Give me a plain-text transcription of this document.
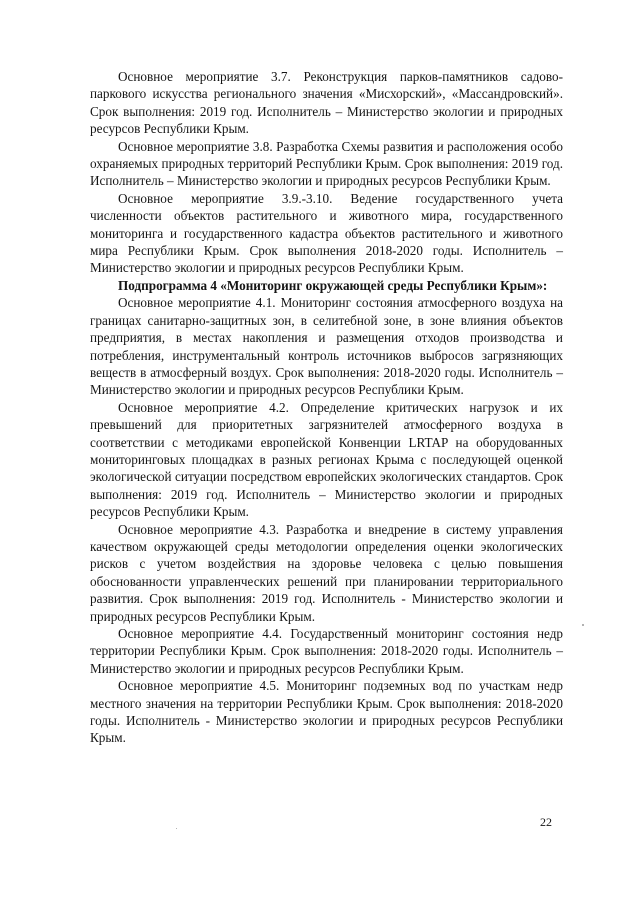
Основное мероприятие 3.7. Реконструкция парков-памятников садово-паркового искусства регионального значения «Мисхорский», «Массандровский». Срок выполнения: 2019 год. Исполнитель – Министерство экологии и природных ресурсов Республики Крым.

Основное мероприятие 3.8. Разработка Схемы развития и расположения особо охраняемых природных территорий Республики Крым. Срок выполнения: 2019 год. Исполнитель – Министерство экологии и природных ресурсов Республики Крым.

Основное мероприятие 3.9.-3.10. Ведение государственного учета численности объектов растительного и животного мира, государственного мониторинга и государственного кадастра объектов растительного и животного мира Республики Крым. Срок выполнения 2018-2020 годы. Исполнитель – Министерство экологии и природных ресурсов Республики Крым.

Подпрограмма 4 «Мониторинг окружающей среды Республики Крым»:

Основное мероприятие 4.1. Мониторинг состояния атмосферного воздуха на границах санитарно-защитных зон, в селитебной зоне, в зоне влияния объектов предприятия, в местах накопления и размещения отходов производства и потребления, инструментальный контроль источников выбросов загрязняющих веществ в атмосферный воздух. Срок выполнения: 2018-2020 годы. Исполнитель – Министерство экологии и природных ресурсов Республики Крым.

Основное мероприятие 4.2. Определение критических нагрузок и их превышений для приоритетных загрязнителей атмосферного воздуха в соответствии с методиками европейской Конвенции LRTAP на оборудованных мониторинговых площадках в разных регионах Крыма с последующей оценкой экологической ситуации посредством европейских экологических стандартов. Срок выполнения: 2019 год. Исполнитель – Министерство экологии и природных ресурсов Республики Крым.

Основное мероприятие 4.3. Разработка и внедрение в систему управления качеством окружающей среды методологии определения оценки экологических рисков с учетом воздействия на здоровье человека с целью повышения обоснованности управленческих решений при планировании территориального развития. Срок выполнения: 2019 год. Исполнитель - Министерство экологии и природных ресурсов Республики Крым.

Основное мероприятие 4.4. Государственный мониторинг состояния недр территории Республики Крым. Срок выполнения: 2018-2020 годы. Исполнитель – Министерство экологии и природных ресурсов Республики Крым.

Основное мероприятие 4.5. Мониторинг подземных вод по участкам недр местного значения на территории Республики Крым. Срок выполнения: 2018-2020 годы. Исполнитель - Министерство экологии и природных ресурсов Республики Крым.

22
